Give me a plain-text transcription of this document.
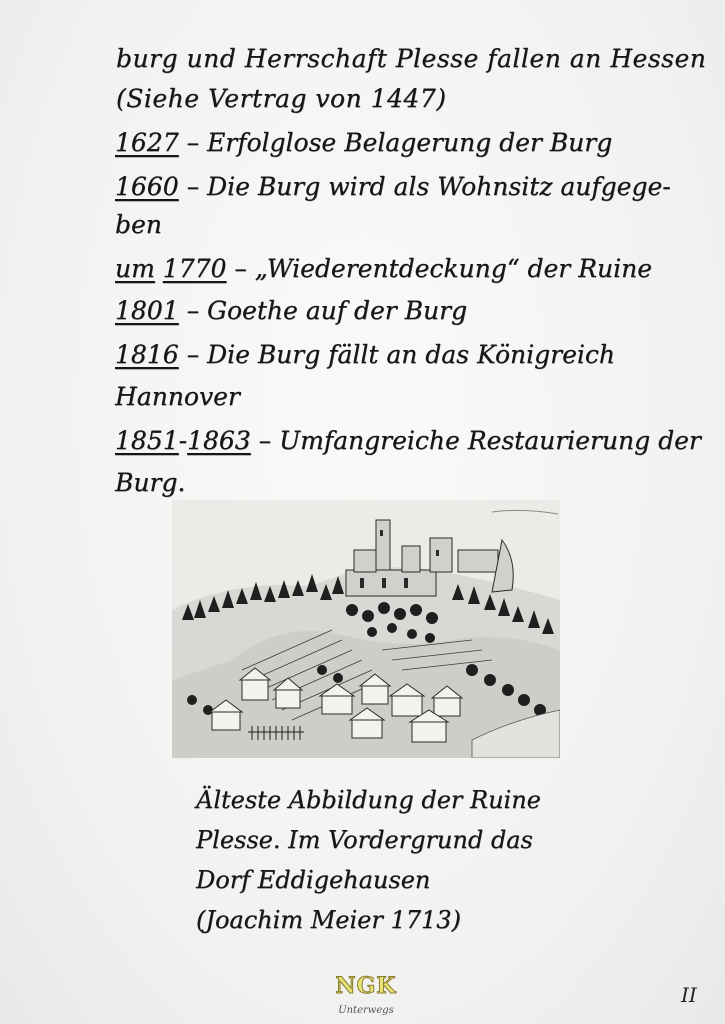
burg und Herrschaft Plesse fallen an Hessen
(Siehe Vertrag von 1447)
1627 – Erfolglose Belagerung der Burg
1660 – Die Burg wird als Wohnsitz aufgege-
ben
um 1770 – „Wiederentdeckung“ der Ruine
1801 – Goethe auf der Burg
1816 – Die Burg fällt an das Königreich
Hannover
1851-1863 – Umfangreiche Restaurierung der
Burg.
Älteste Abbildung der Ruine
Plesse. Im Vordergrund das
Dorf Eddigehausen
(Joachim Meier 1713)
NGK
Unterwegs
II
